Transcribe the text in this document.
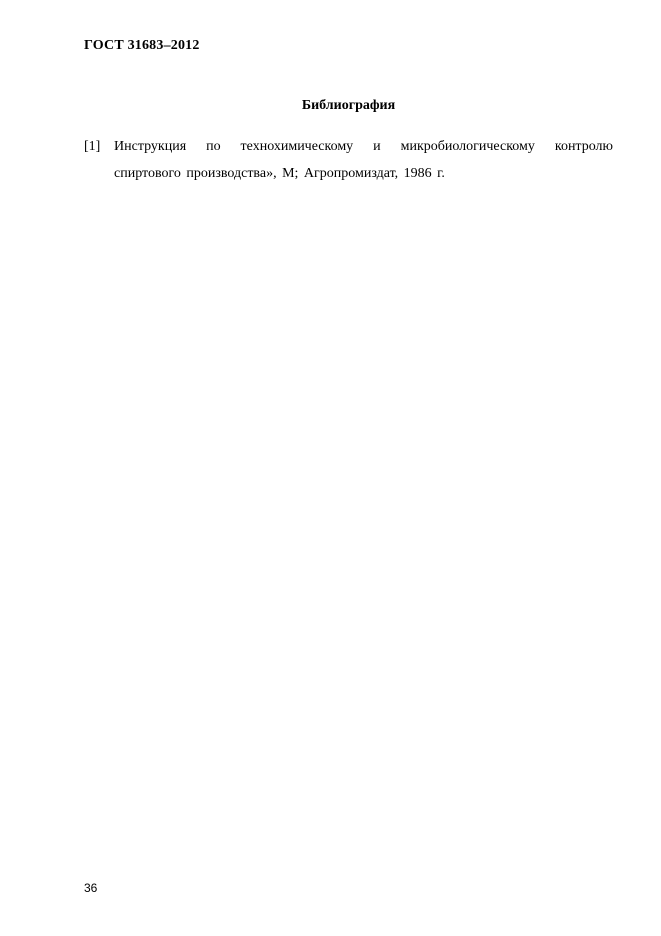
ГОСТ 31683–2012
Библиография
[1] Инструкция по технохимическому и микробиологическому контролю спиртового производства», М; Агропромиздат, 1986 г.
36
